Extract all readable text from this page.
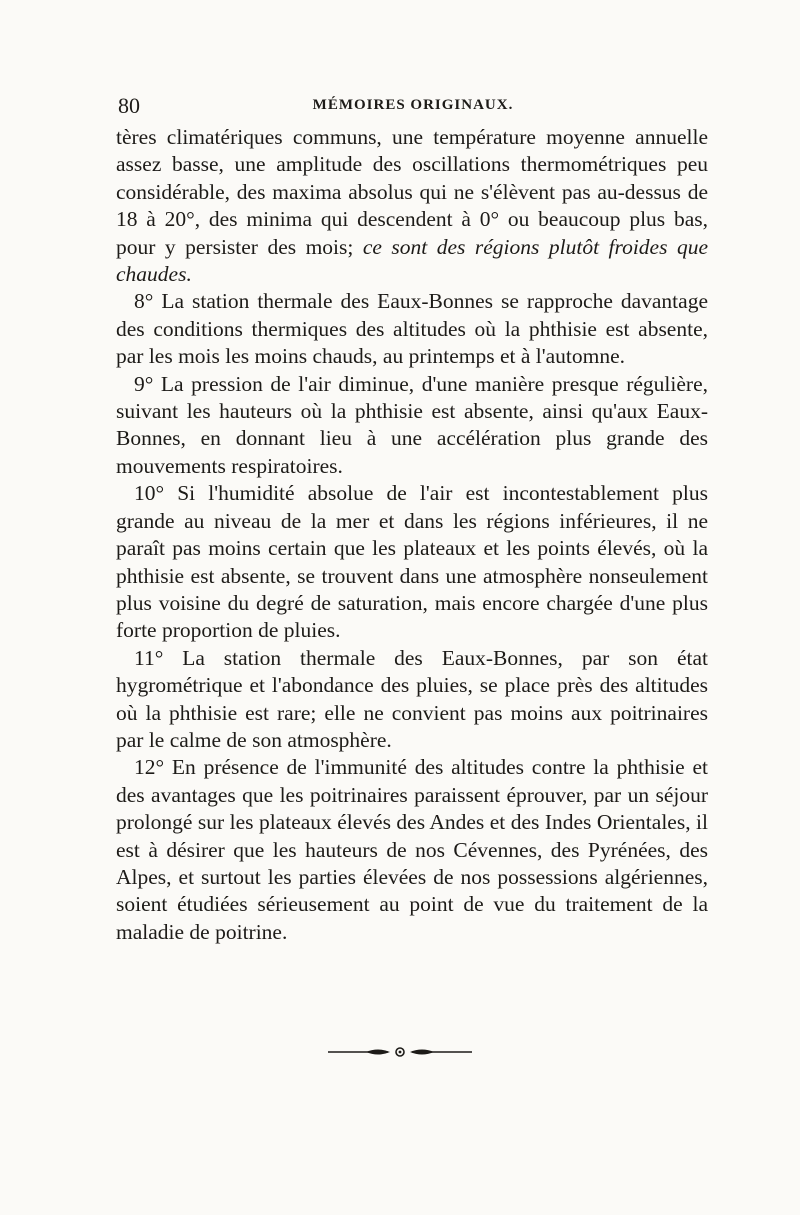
80	MÉMOIRES ORIGINAUX.

tères climatériques communs, une température moyenne annuelle assez basse, une amplitude des oscillations thermométriques peu considérable, des maxima absolus qui ne s'élèvent pas au-dessus de 18 à 20°, des minima qui descendent à 0° ou beaucoup plus bas, pour y persister des mois; ce sont des régions plutôt froides que chaudes.

8° La station thermale des Eaux-Bonnes se rapproche davantage des conditions thermiques des altitudes où la phthisie est absente, par les mois les moins chauds, au printemps et à l'automne.

9° La pression de l'air diminue, d'une manière presque régulière, suivant les hauteurs où la phthisie est absente, ainsi qu'aux Eaux-Bonnes, en donnant lieu à une accélération plus grande des mouvements respiratoires.

10° Si l'humidité absolue de l'air est incontestablement plus grande au niveau de la mer et dans les régions inférieures, il ne paraît pas moins certain que les plateaux et les points élevés, où la phthisie est absente, se trouvent dans une atmosphère nonseulement plus voisine du degré de saturation, mais encore chargée d'une plus forte proportion de pluies.

11° La station thermale des Eaux-Bonnes, par son état hygrométrique et l'abondance des pluies, se place près des altitudes où la phthisie est rare; elle ne convient pas moins aux poitrinaires par le calme de son atmosphère.

12° En présence de l'immunité des altitudes contre la phthisie et des avantages que les poitrinaires paraissent éprouver, par un séjour prolongé sur les plateaux élevés des Andes et des Indes Orientales, il est à désirer que les hauteurs de nos Cévennes, des Pyrénées, des Alpes, et surtout les parties élevées de nos possessions algériennes, soient étudiées sérieusement au point de vue du traitement de la maladie de poitrine.
